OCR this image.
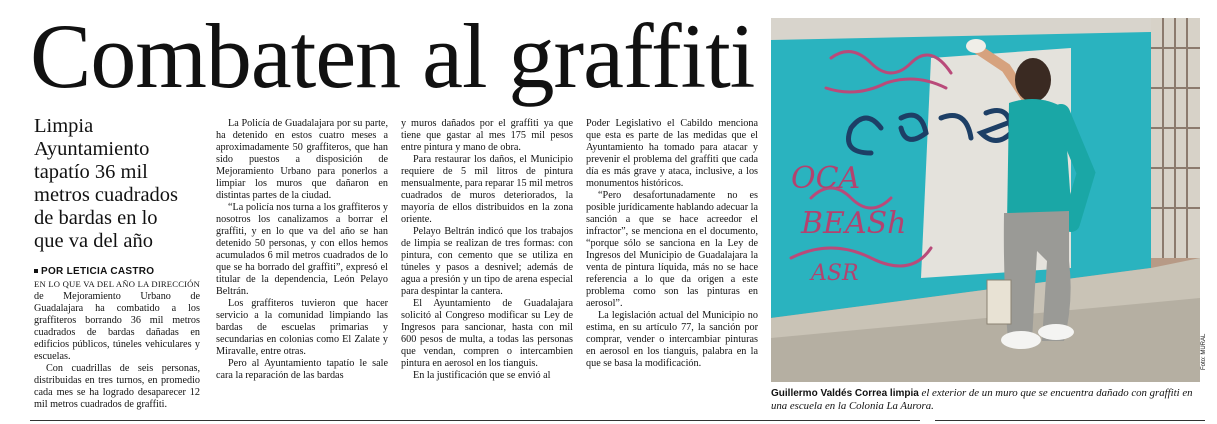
Combaten al graffiti
Limpia Ayuntamiento tapatío 36 mil metros cuadrados de bardas en lo que va del año
POR LETICIA CASTRO

EN LO QUE VA DEL AÑO LA DIRECCIÓN de Mejoramiento Urbano de Guadalajara ha combatido a los graffiteros borrando 36 mil metros cuadrados de bardas dañadas en edificios públicos, túneles vehiculares y escuelas.

Con cuadrillas de seis personas, distribuidas en tres turnos, en promedio cada mes se ha logrado desaparecer 12 mil metros cuadrados de graffiti.

La Policía de Guadalajara por su parte, ha detenido en estos cuatro meses a aproximadamente 50 graffiteros, que han sido puestos a disposición de Mejoramiento Urbano para ponerlos a limpiar los muros que dañaron en distintas partes de la ciudad.

“La policía nos turna a los graffiteros y nosotros los canalizamos a borrar el graffiti, y en lo que va del año se han detenido 50 personas, y con ellos hemos acumulados 6 mil metros cuadrados de lo que se ha borrado del graffiti”, expresó el titular de la dependencia, León Pelayo Beltrán.

Los graffiteros tuvieron que hacer servicio a la comunidad limpiando las bardas de escuelas primarias y secundarias en colonias como El Zalate y Miravalle, entre otras.

Pero al Ayuntamiento tapatío le sale cara la reparación de las bardas

y muros dañados por el graffiti ya que tiene que gastar al mes 175 mil pesos entre pintura y mano de obra.

Para restaurar los daños, el Municipio requiere de 5 mil litros de pintura mensualmente, para reparar 15 mil metros cuadrados de muros deteriorados, la mayoría de ellos distribuidos en la zona oriente.

Pelayo Beltrán indicó que los trabajos de limpia se realizan de tres formas: con pintura, con cemento que se utiliza en túneles y pasos a desnivel; además de agua a presión y un tipo de arena especial para despintar la cantera.

El Ayuntamiento de Guadalajara solicitó al Congreso modificar su Ley de Ingresos para sancionar, hasta con mil 600 pesos de multa, a todas las personas que vendan, compren o intercambien pintura en aerosol en los tianguis.

En la justificación que se envió al

Poder Legislativo el Cabildo menciona que esta es parte de las medidas que el Ayuntamiento ha tomado para atacar y prevenir el problema del graffiti que cada día es más grave y ataca, inclusive, a los monumentos históricos.

“Pero desafortunadamente no es posible jurídicamente hablando adecuar la sanción a que se hace acreedor el infractor”, se menciona en el documento, “porque sólo se sanciona en la Ley de Ingresos del Municipio de Guadalajara la venta de pintura líquida, más no se hace referencia a lo que da origen a este problema como son las pinturas en aerosol”.

La legislación actual del Municipio no estima, en su artículo 77, la sanción por comprar, vender o intercambiar pinturas en aerosol en los tianguis, palabra en la que se basa la modificación.

OCA
BEASh
ASR
Foto: MURAL
Guillermo Valdés Correa limpia el exterior de un muro que se encuentra dañado con graffiti en una escuela en la Colonia La Aurora.
